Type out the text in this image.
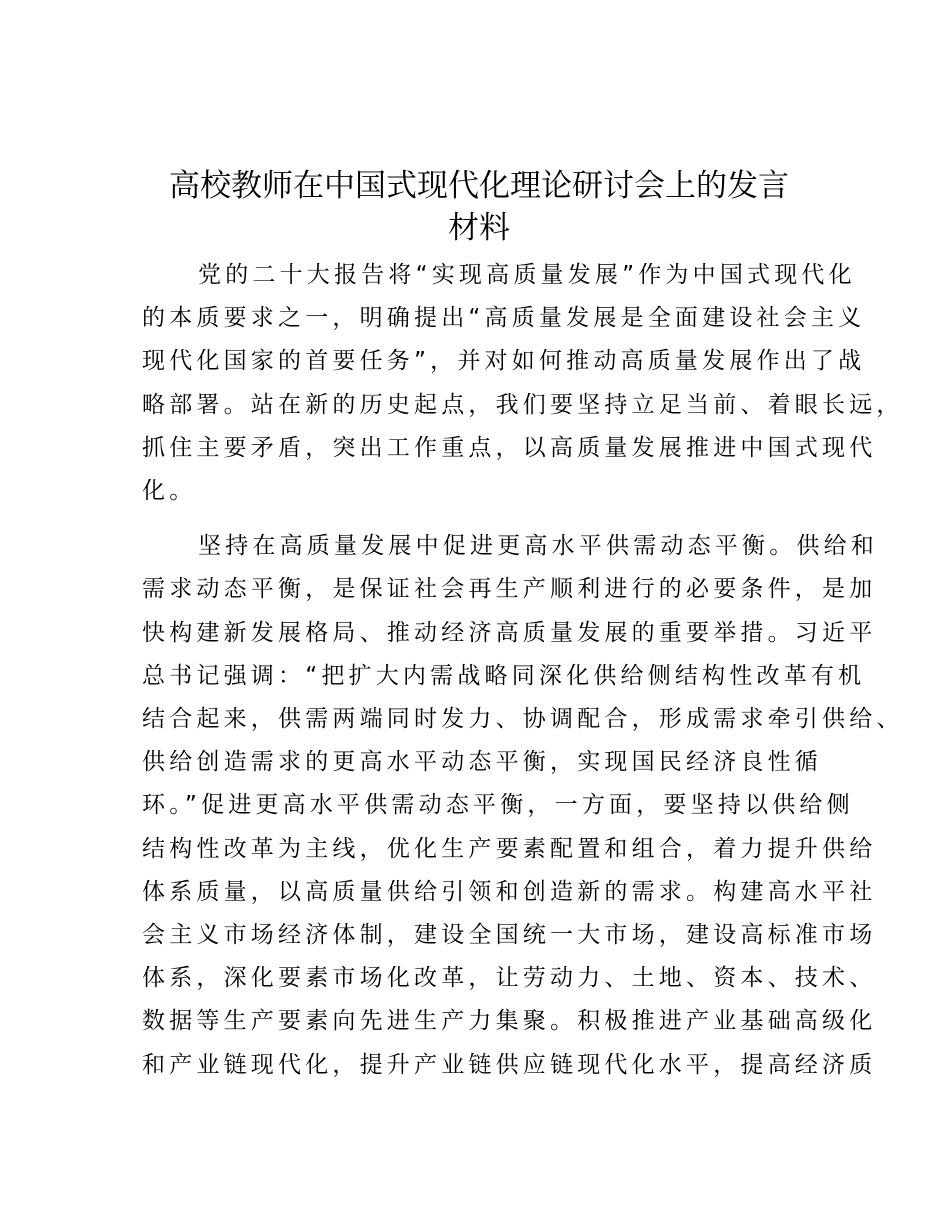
高校教师在中国式现代化理论研讨会上的发言
材料

党的二十大报告将“实现高质量发展”作为中国式现代化
的本质要求之一，明确提出“高质量发展是全面建设社会主义
现代化国家的首要任务”，并对如何推动高质量发展作出了战
略部署。站在新的历史起点，我们要坚持立足当前、着眼长远，
抓住主要矛盾，突出工作重点，以高质量发展推进中国式现代
化。

坚持在高质量发展中促进更高水平供需动态平衡。供给和
需求动态平衡，是保证社会再生产顺利进行的必要条件，是加
快构建新发展格局、推动经济高质量发展的重要举措。习近平
总书记强调：“把扩大内需战略同深化供给侧结构性改革有机
结合起来，供需两端同时发力、协调配合，形成需求牵引供给、
供给创造需求的更高水平动态平衡，实现国民经济良性循
环。”促进更高水平供需动态平衡，一方面，要坚持以供给侧
结构性改革为主线，优化生产要素配置和组合，着力提升供给
体系质量，以高质量供给引领和创造新的需求。构建高水平社
会主义市场经济体制，建设全国统一大市场，建设高标准市场
体系，深化要素市场化改革，让劳动力、土地、资本、技术、
数据等生产要素向先进生产力集聚。积极推进产业基础高级化
和产业链现代化，提升产业链供应链现代化水平，提高经济质
